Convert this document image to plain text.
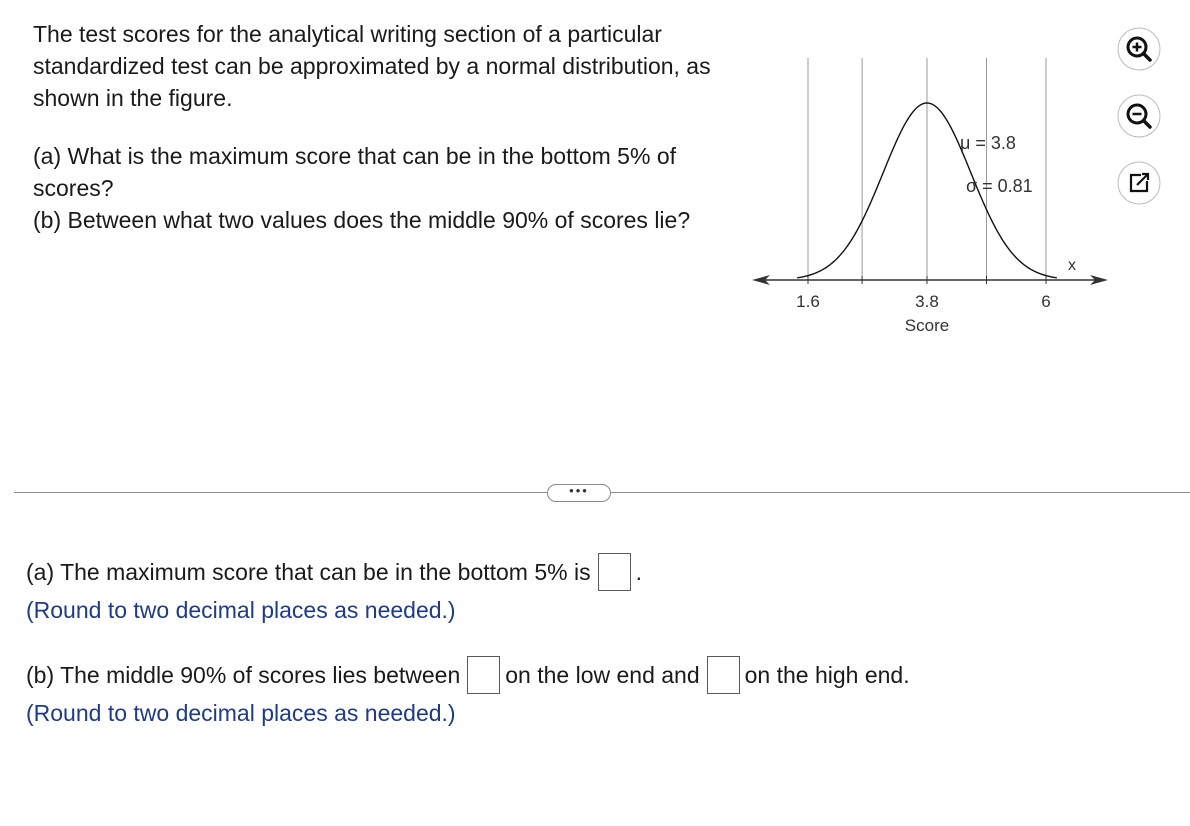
The test scores for the analytical writing section of a particular standardized test can be approximated by a normal distribution, as shown in the figure.

(a) What is the maximum score that can be in the bottom 5% of scores?

(b) Between what two values does the middle 90% of scores lie?

1.6	3.8	6
Score
x
μ = 3.8
σ = 0.81
•••
(a) The maximum score that can be in the bottom 5% is .
(Round to two decimal places as needed.)
(b) The middle 90% of scores lies between on the low end and on the high end.
(Round to two decimal places as needed.)
